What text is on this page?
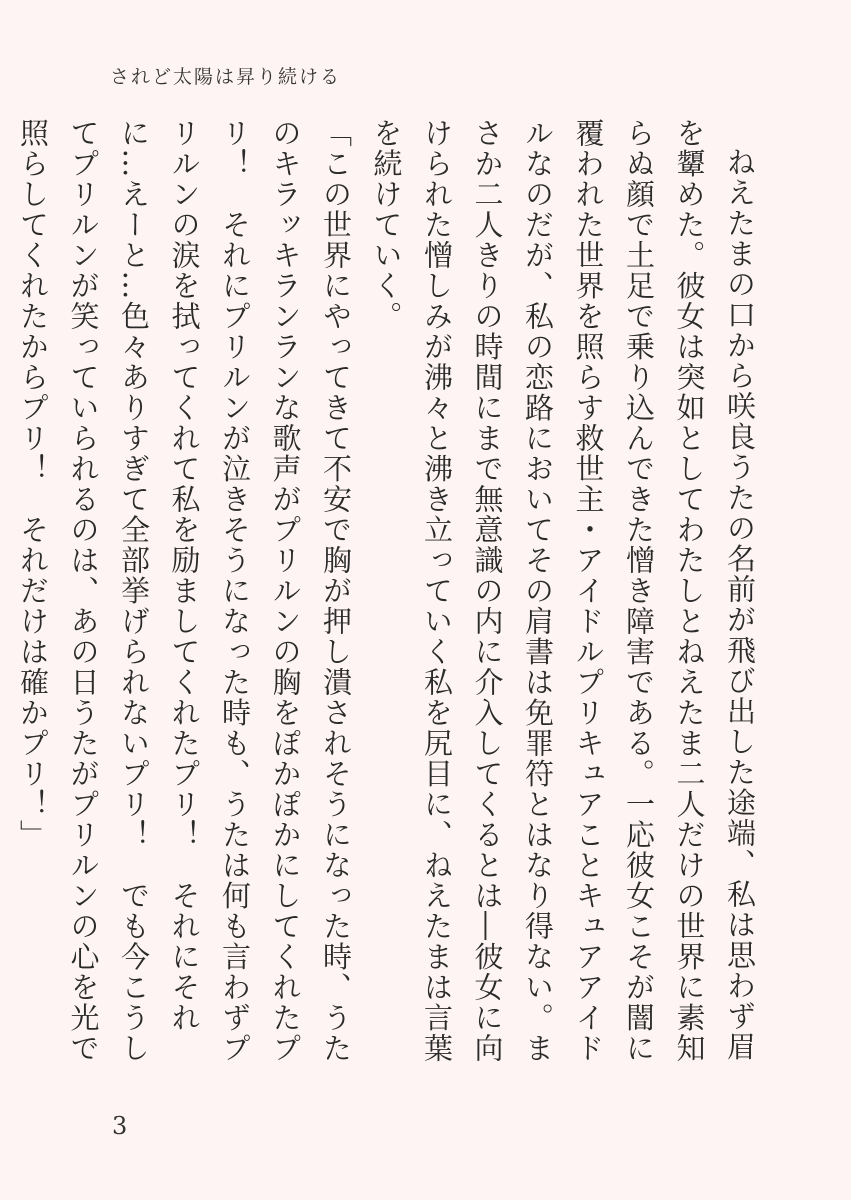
されど太陽は昇り続ける

ねえたまの口から咲良うたの名前が飛び出した途端、私は思わず眉を顰めた。彼女は突如としてわたしとねえたま二人だけの世界に素知らぬ顔で土足で乗り込んできた憎き障害である。一応彼女こそが闇に覆われた世界を照らす救世主・アイドルプリキュアことキュアアイドルなのだが、私の恋路においてその肩書は免罪符とはなり得ない。まさか二人きりの時間にまで無意識の内に介入してくるとは―彼女に向けられた憎しみが沸々と沸き立っていく私を尻目に、ねえたまは言葉を続けていく。

「この世界にやってきて不安で胸が押し潰されそうになった時、うたのキラッキランランな歌声がプリルンの胸をぽかぽかにしてくれたプリ！　それにプリルンが泣きそうになった時も、うたは何も言わずプリルンの涙を拭ってくれて私を励ましてくれたプリ！　それにそれに…えーと…色々ありすぎて全部挙げられないプリ！　でも今こうしてプリルンが笑っていられるのは、あの日うたがプリルンの心を光で照らしてくれたからプリ！　それだけは確かプリ！」

3
